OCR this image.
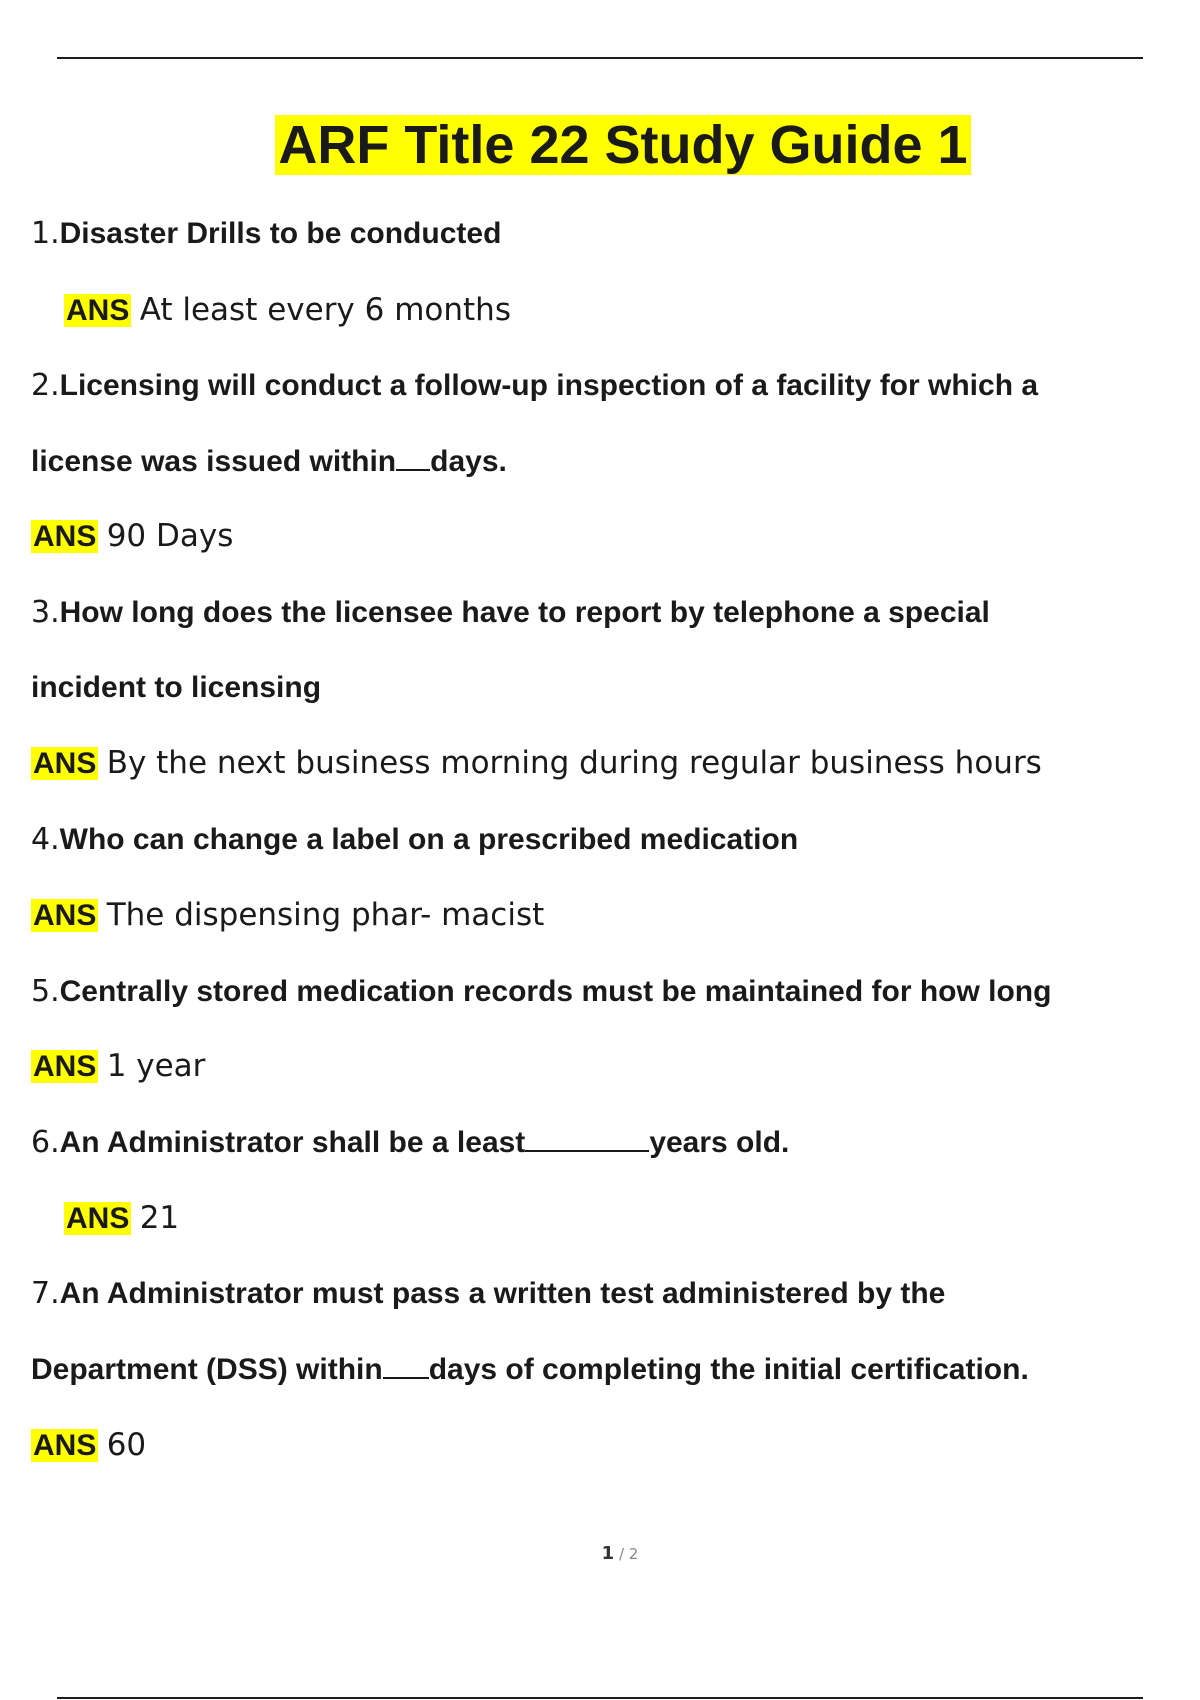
ARF Title 22 Study Guide 1
1.Disaster Drills to be conducted
ANS At least every 6 months
2.Licensing will conduct a follow-up inspection of a facility for which a
license was issued within days.
ANS 90 Days
3.How long does the licensee have to report by telephone a special
incident to licensing
ANS By the next business morning during regular business hours
4.Who can change a label on a prescribed medication
ANS The dispensing phar- macist
5.Centrally stored medication records must be maintained for how long
ANS 1 year
6.An Administrator shall be a least	years old.
ANS 21
7.An Administrator must pass a written test administered by the
Department (DSS) within days of completing the initial certification.
ANS 60
1 / 2
